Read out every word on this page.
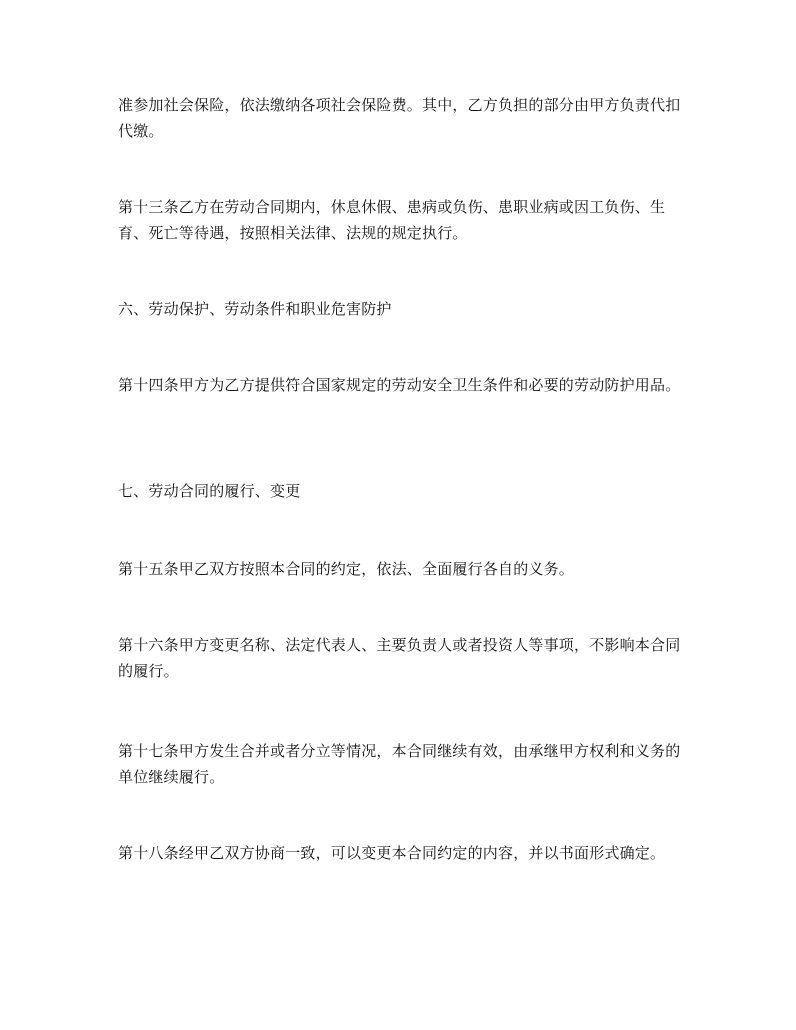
准参加社会保险，依法缴纳各项社会保险费。其中，乙方负担的部分由甲方负责代扣代缴。

第十三条乙方在劳动合同期内，休息休假、患病或负伤、患职业病或因工负伤、生育、死亡等待遇，按照相关法律、法规的规定执行。

六、劳动保护、劳动条件和职业危害防护

第十四条甲方为乙方提供符合国家规定的劳动安全卫生条件和必要的劳动防护用品。

七、劳动合同的履行、变更

第十五条甲乙双方按照本合同的约定，依法、全面履行各自的义务。

第十六条甲方变更名称、法定代表人、主要负责人或者投资人等事项，不影响本合同的履行。

第十七条甲方发生合并或者分立等情况，本合同继续有效，由承继甲方权利和义务的单位继续履行。

第十八条经甲乙双方协商一致，可以变更本合同约定的内容，并以书面形式确定。
